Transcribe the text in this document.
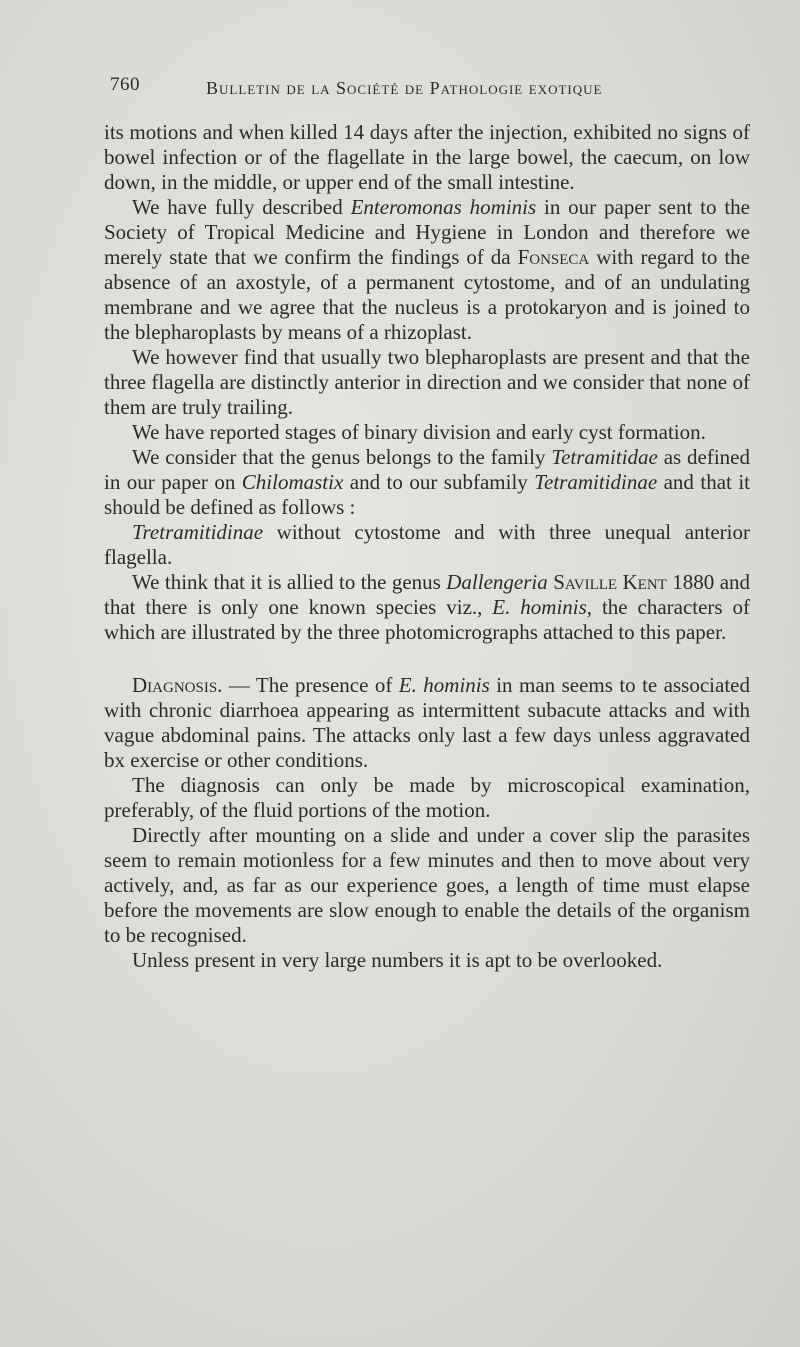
760	Bulletin de la Société de Pathologie exotique

its motions and when killed 14 days after the injection, exhibited no signs of bowel infection or of the flagellate in the large bowel, the caecum, on low down, in the middle, or upper end of the small intestine.

We have fully described Enteromonas hominis in our paper sent to the Society of Tropical Medicine and Hygiene in London and therefore we merely state that we confirm the findings of da Fonseca with regard to the absence of an axostyle, of a permanent cytostome, and of an undulating membrane and we agree that the nucleus is a protokaryon and is joined to the blepharoplasts by means of a rhizoplast.

We however find that usually two blepharoplasts are present and that the three flagella are distinctly anterior in direction and we consider that none of them are truly trailing.

We have reported stages of binary division and early cyst formation.

We consider that the genus belongs to the family Tetramitidae as defined in our paper on Chilomastix and to our subfamily Tetramitidinae and that it should be defined as follows :

Tretramitidinae without cytostome and with three unequal anterior flagella.

We think that it is allied to the genus Dallengeria Saville Kent 1880 and that there is only one known species viz., E. hominis, the characters of which are illustrated by the three photomicrographs attached to this paper.

Diagnosis. — The presence of E. hominis in man seems to te associated with chronic diarrhoea appearing as intermittent subacute attacks and with vague abdominal pains. The attacks only last a few days unless aggravated bx exercise or other conditions.

The diagnosis can only be made by microscopical examination, preferably, of the fluid portions of the motion.

Directly after mounting on a slide and under a cover slip the parasites seem to remain motionless for a few minutes and then to move about very actively, and, as far as our experience goes, a length of time must elapse before the movements are slow enough to enable the details of the organism to be recognised.

Unless present in very large numbers it is apt to be overlooked.
